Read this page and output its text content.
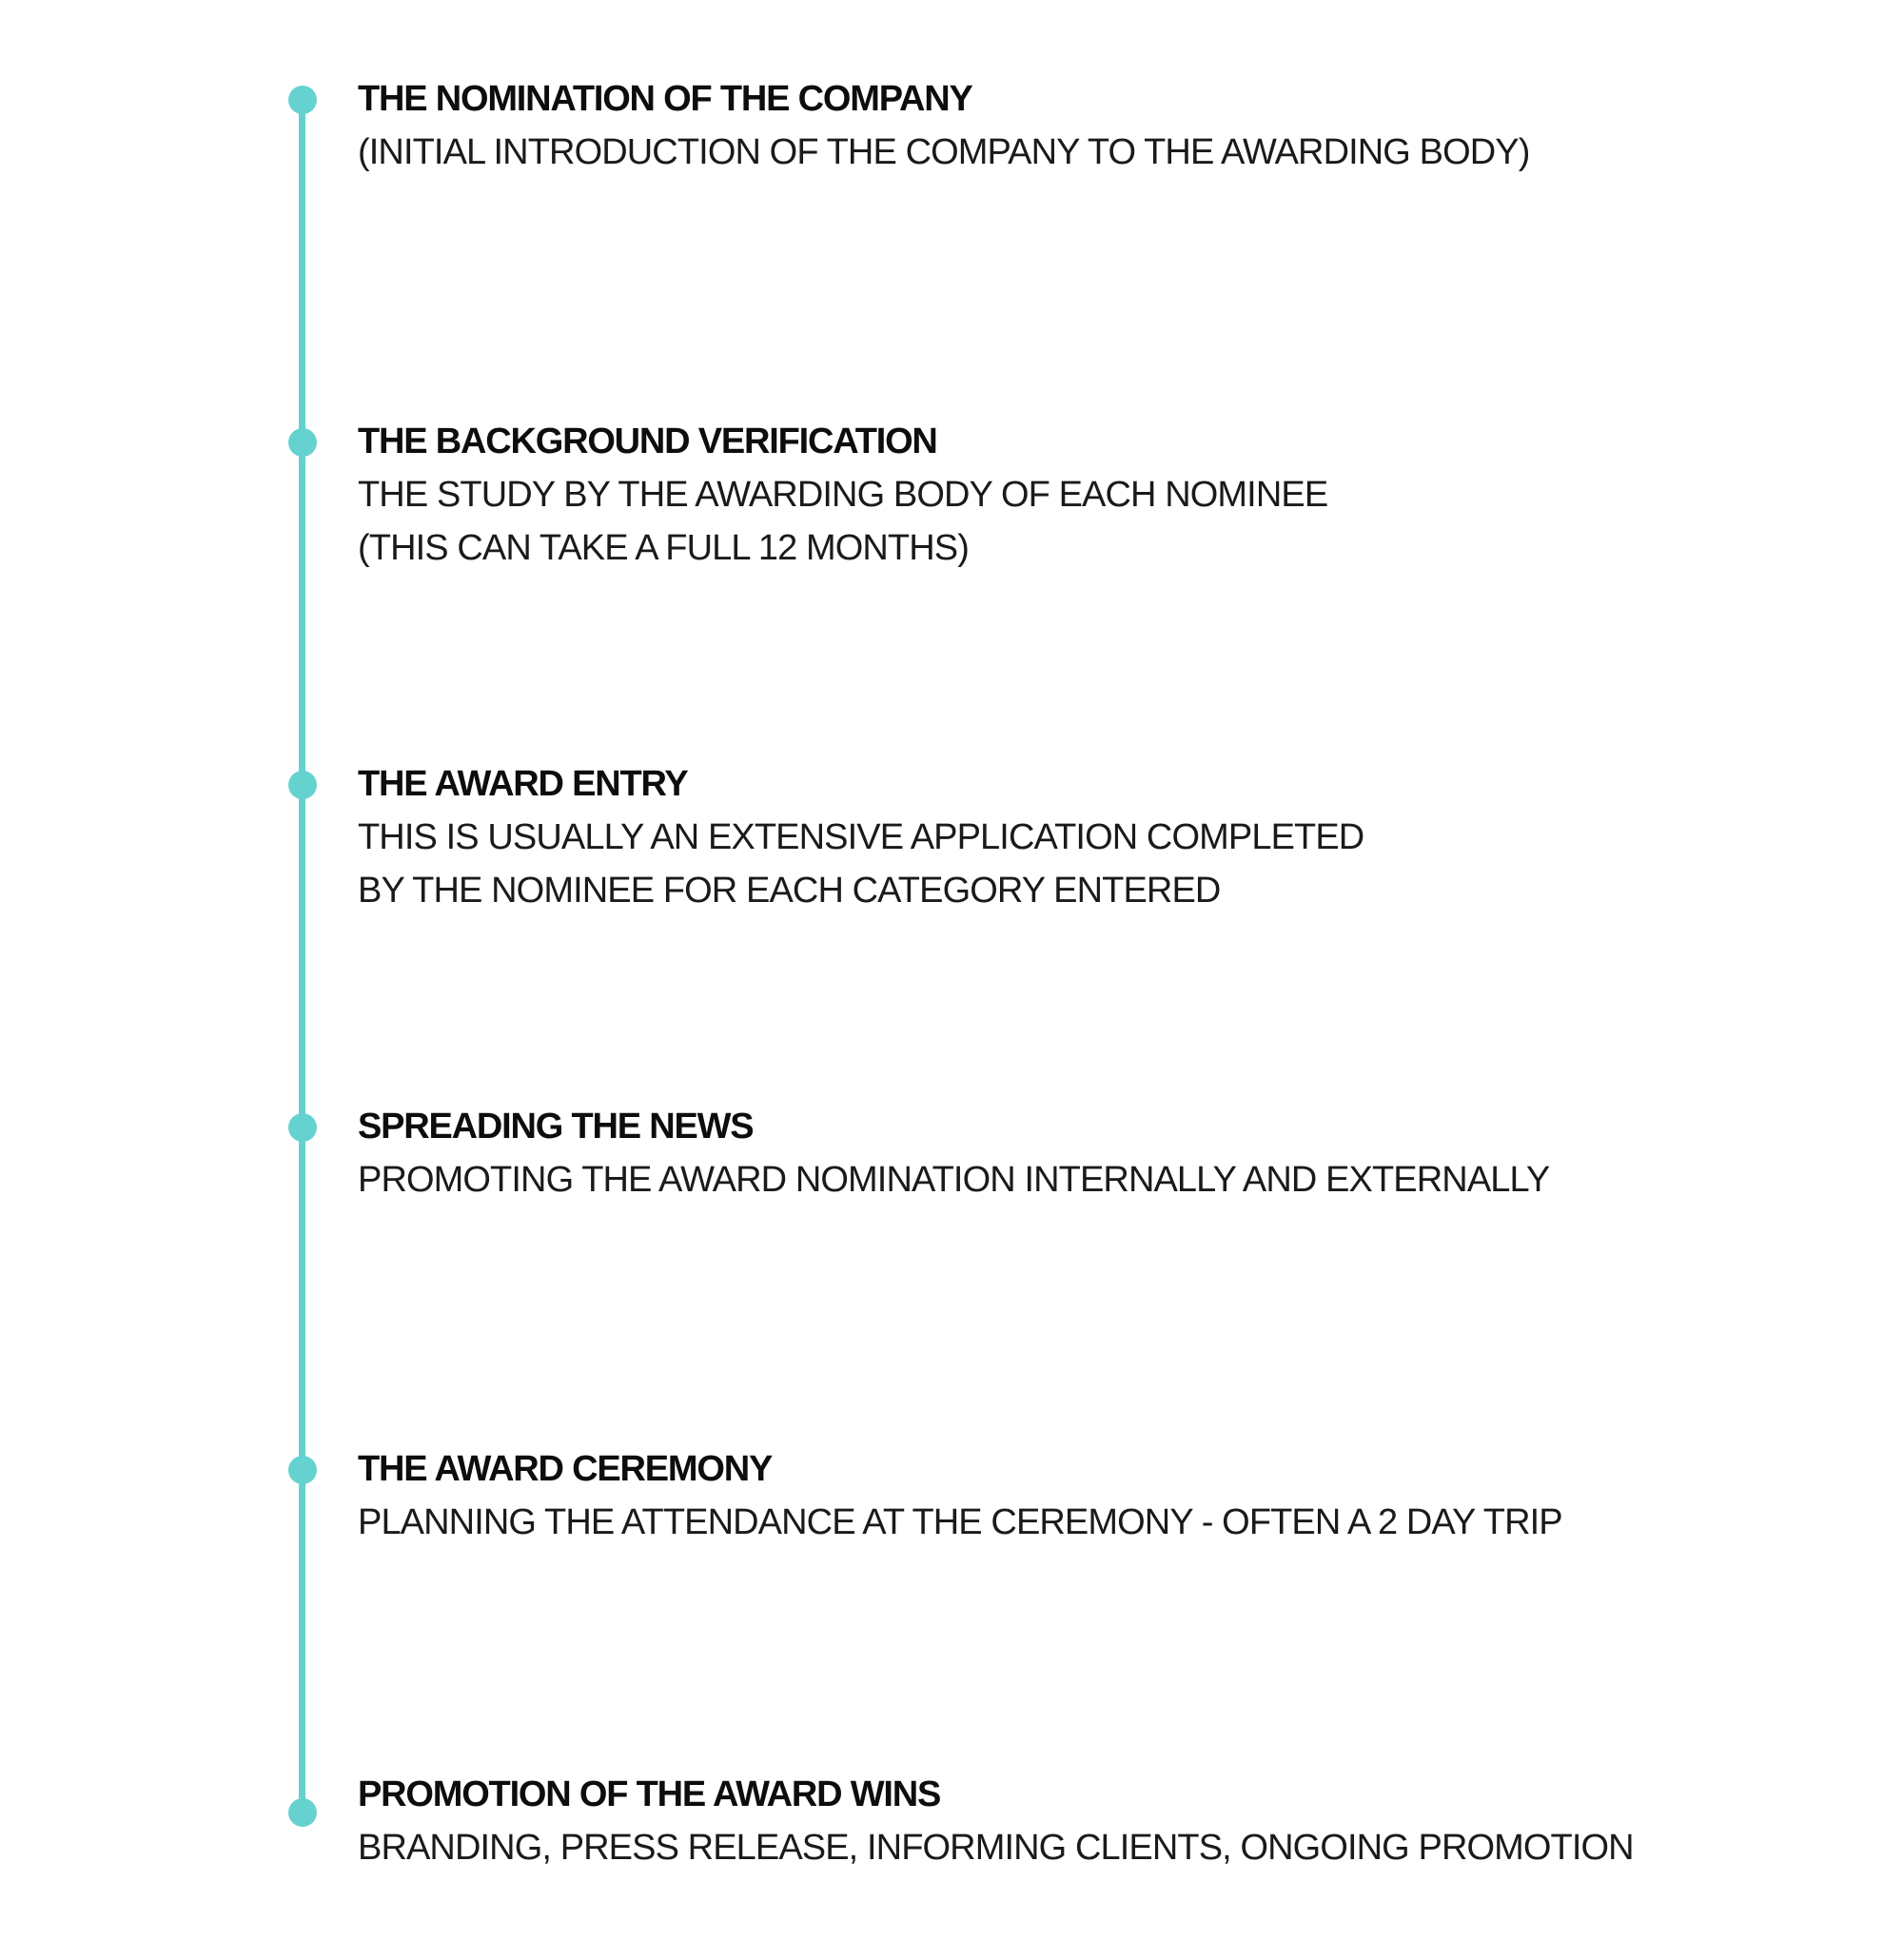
THE NOMINATION OF THE COMPANY
(INITIAL INTRODUCTION OF THE COMPANY TO THE AWARDING BODY)
THE BACKGROUND VERIFICATION
THE STUDY BY THE AWARDING BODY OF EACH NOMINEE
(THIS CAN TAKE A FULL 12 MONTHS)
THE AWARD ENTRY
THIS IS USUALLY AN EXTENSIVE APPLICATION COMPLETED
BY THE NOMINEE FOR EACH CATEGORY ENTERED
SPREADING THE NEWS
PROMOTING THE AWARD NOMINATION INTERNALLY AND EXTERNALLY
THE AWARD CEREMONY
PLANNING THE ATTENDANCE AT THE CEREMONY - OFTEN A 2 DAY TRIP
PROMOTION OF THE AWARD WINS
BRANDING, PRESS RELEASE, INFORMING CLIENTS, ONGOING PROMOTION
